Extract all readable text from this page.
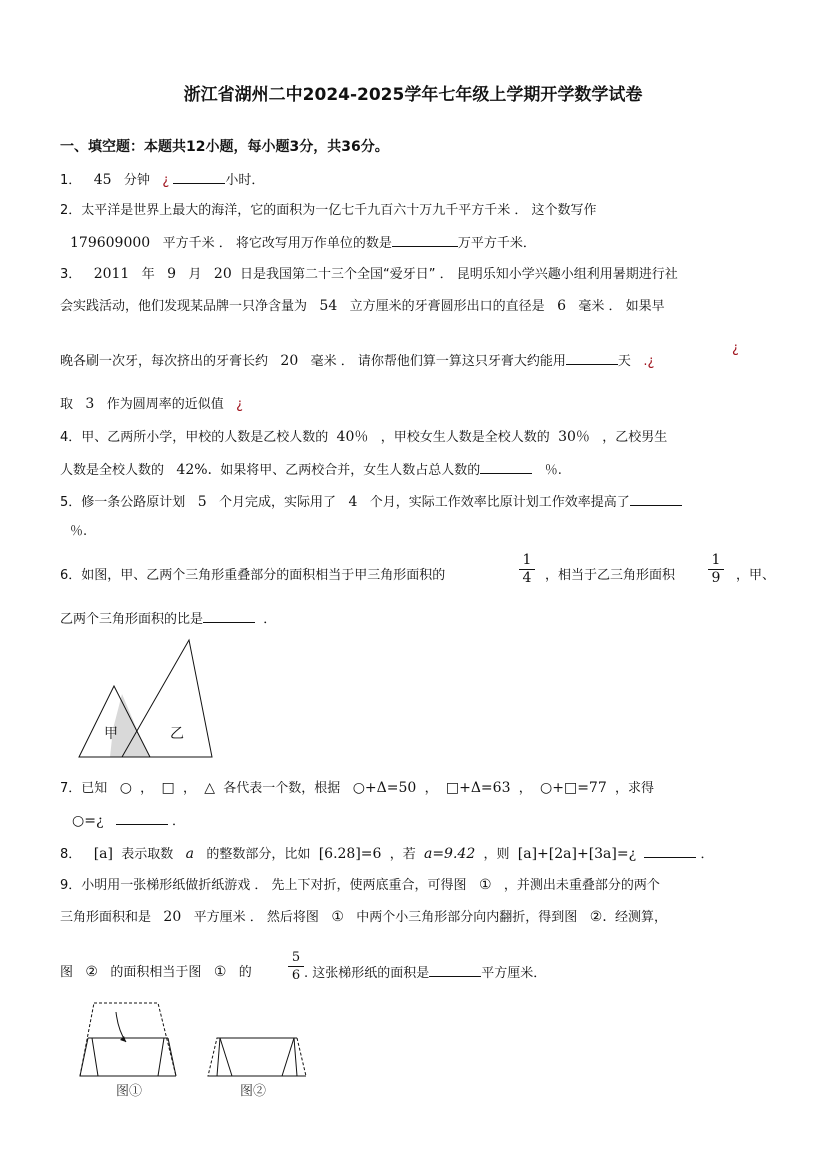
浙江省湖州二中2024-2025学年七年级上学期开学数学试卷
一、填空题：本题共12小题，每小题3分，共36分。
1． 45 分钟 ¿	小时．
2．太平洋是世界上最大的海洋，它的面积为一亿七千九百六十万九千平方千米 ． 这个数写作
179609000 平方千米 ． 将它改写用万作单位的数是	万平方千米．
3． 2011 年 9 月 20 日是我国第二十三个全国“爱牙日” ． 昆明乐知小学兴趣小组利用暑期进行社
会实践活动，他们发现某品牌一只净含量为 54 立方厘米的牙膏圆形出口的直径是 6 毫米 ． 如果早
¿
晚各刷一次牙，每次挤出的牙膏长约 20 毫米 ． 请你帮他们算一算这只牙膏大约能用	天 .¿
取 3 作为圆周率的近似值 ¿
4．甲、乙两所小学，甲校的人数是乙校人数的 40％ ，甲校女生人数是全校人数的 30％ ，乙校男生
人数是全校人数的 42%. 如果将甲、乙两校合并，女生人数占总人数的	％.
5．修一条公路原计划 5 个月完成，实际用了 4 个月，实际工作效率比原计划工作效率提高了
％.
6．如图，甲、乙两个三角形重叠部分的面积相当于甲三角形面积的	$\frac{1}{4}$ ，相当于乙三角形面积 $\frac{1}{9}$ ，甲、
乙两个三角形面积的比是	．
甲	乙
7．已知 ○ ， □ ， △ 各代表一个数，根据 ○+Δ=50 ， □+Δ=63 ， ○+□=77 ，求得
○=¿	．
8． [a] 表示取数 a 的整数部分，比如 [6.28]=6 ，若 a=9.42 ，则 [a]+[2a]+[3a]=¿	．
9．小明用一张梯形纸做折纸游戏 ． 先上下对折，使两底重合，可得图 ① ，并测出未重叠部分的两个
三角形面积和是 20 平方厘米 ． 然后将图 ① 中两个小三角形部分向内翻折，得到图 ②. 经测算，
图 ② 的面积相当于图 ① 的	$\frac{5}{6}$ . 这张梯形纸的面积是	平方厘米．
图①	图②
